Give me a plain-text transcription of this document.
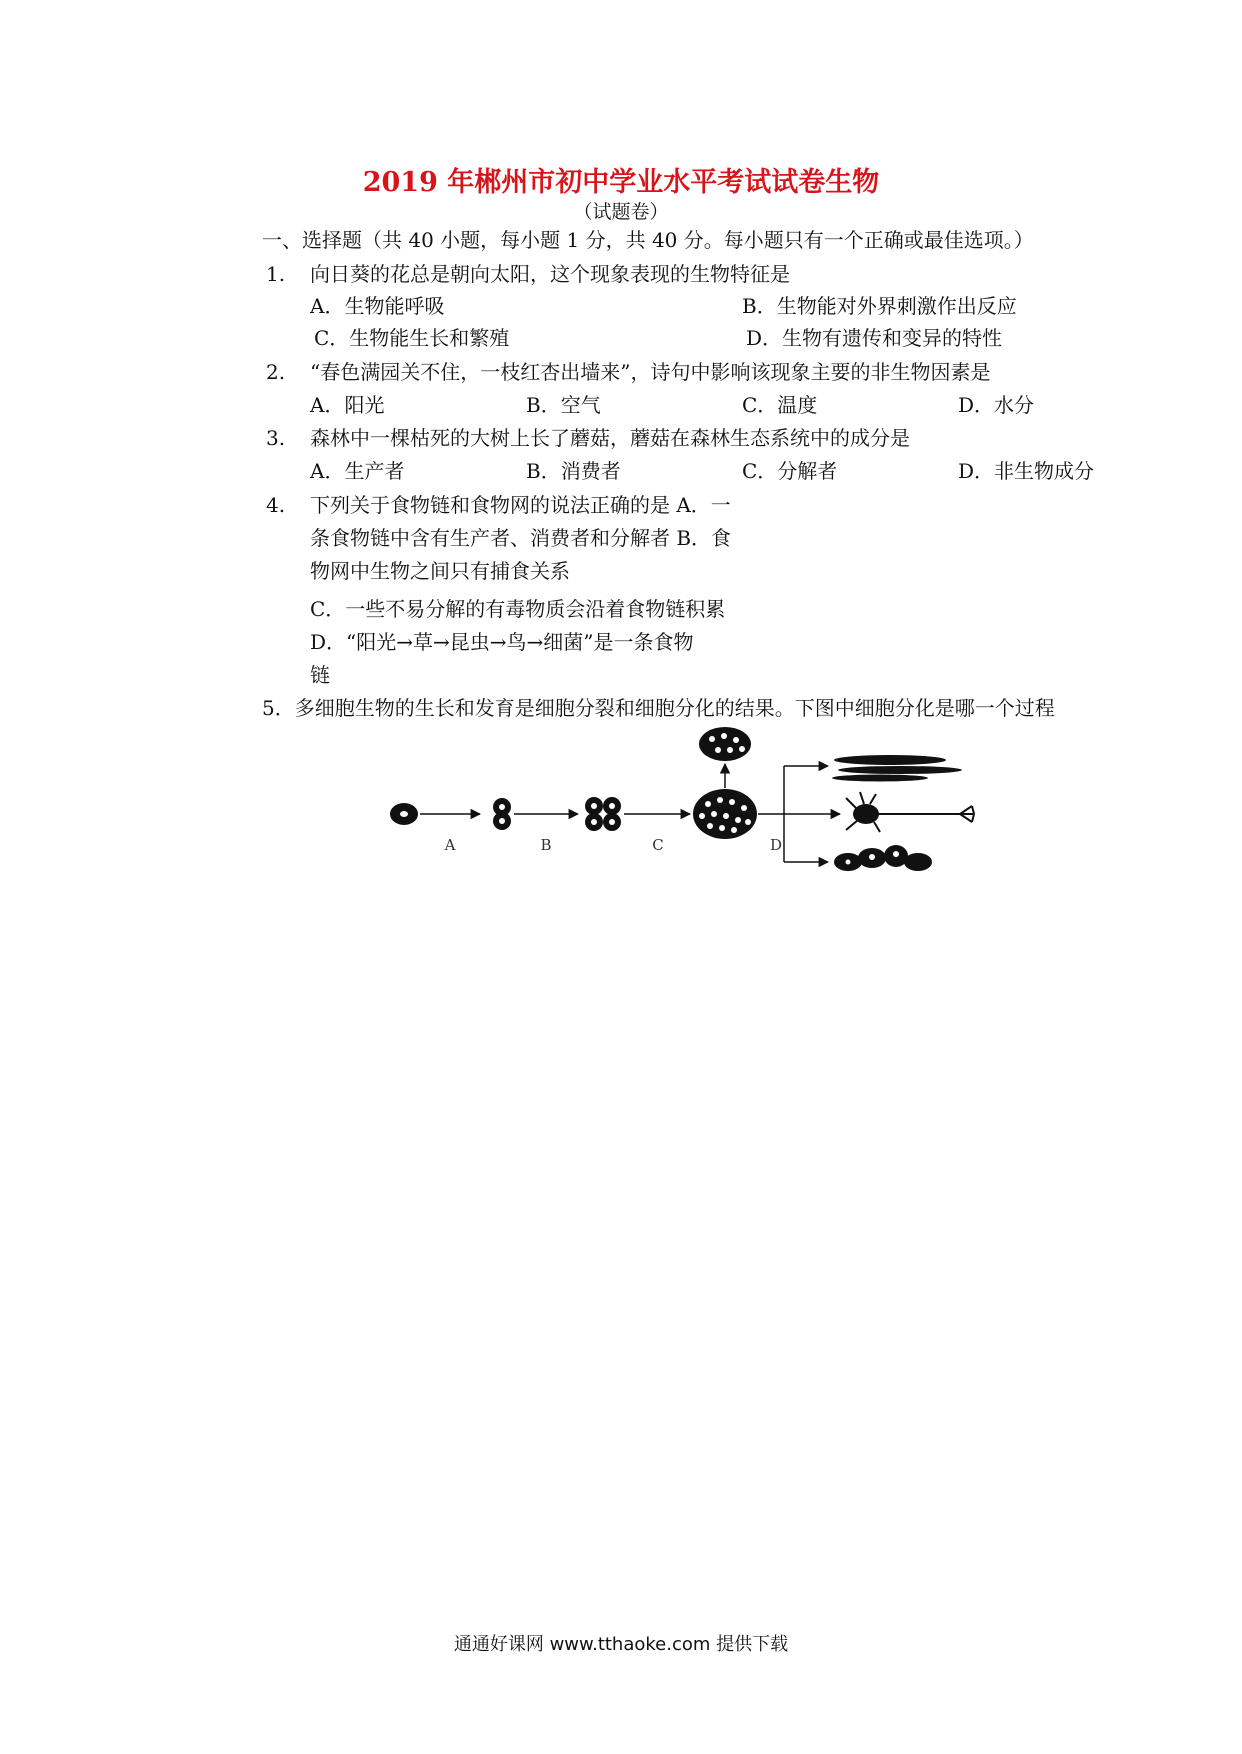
2019 年郴州市初中学业水平考试试卷生物
（试题卷）
一、选择题（共 40 小题，每小题 1 分，共 40 分。每小题只有一个正确或最佳选项。）
1. 向日葵的花总是朝向太阳，这个现象表现的生物特征是
A．生物能呼吸	B．生物能对外界刺激作出反应
C．生物能生长和繁殖	D．生物有遗传和变异的特性
2. “春色满园关不住，一枝红杏出墙来”，诗句中影响该现象主要的非生物因素是
A．阳光	B．空气	C．温度	D．水分
3. 森林中一棵枯死的大树上长了蘑菇，蘑菇在森林生态系统中的成分是
A．生产者	B．消费者	C．分解者	D．非生物成分
4. 下列关于食物链和食物网的说法正确的是 A．一
条食物链中含有生产者、消费者和分解者 B．食
物网中生物之间只有捕食关系
C．一些不易分解的有毒物质会沿着食物链积累
D．“阳光→草→昆虫→鸟→细菌”是一条食物
链
5．多细胞生物的生长和发育是细胞分裂和细胞分化的结果。下图中细胞分化是哪一个过程
A	B	C	D
通通好课网 www.tthaoke.com 提供下载
